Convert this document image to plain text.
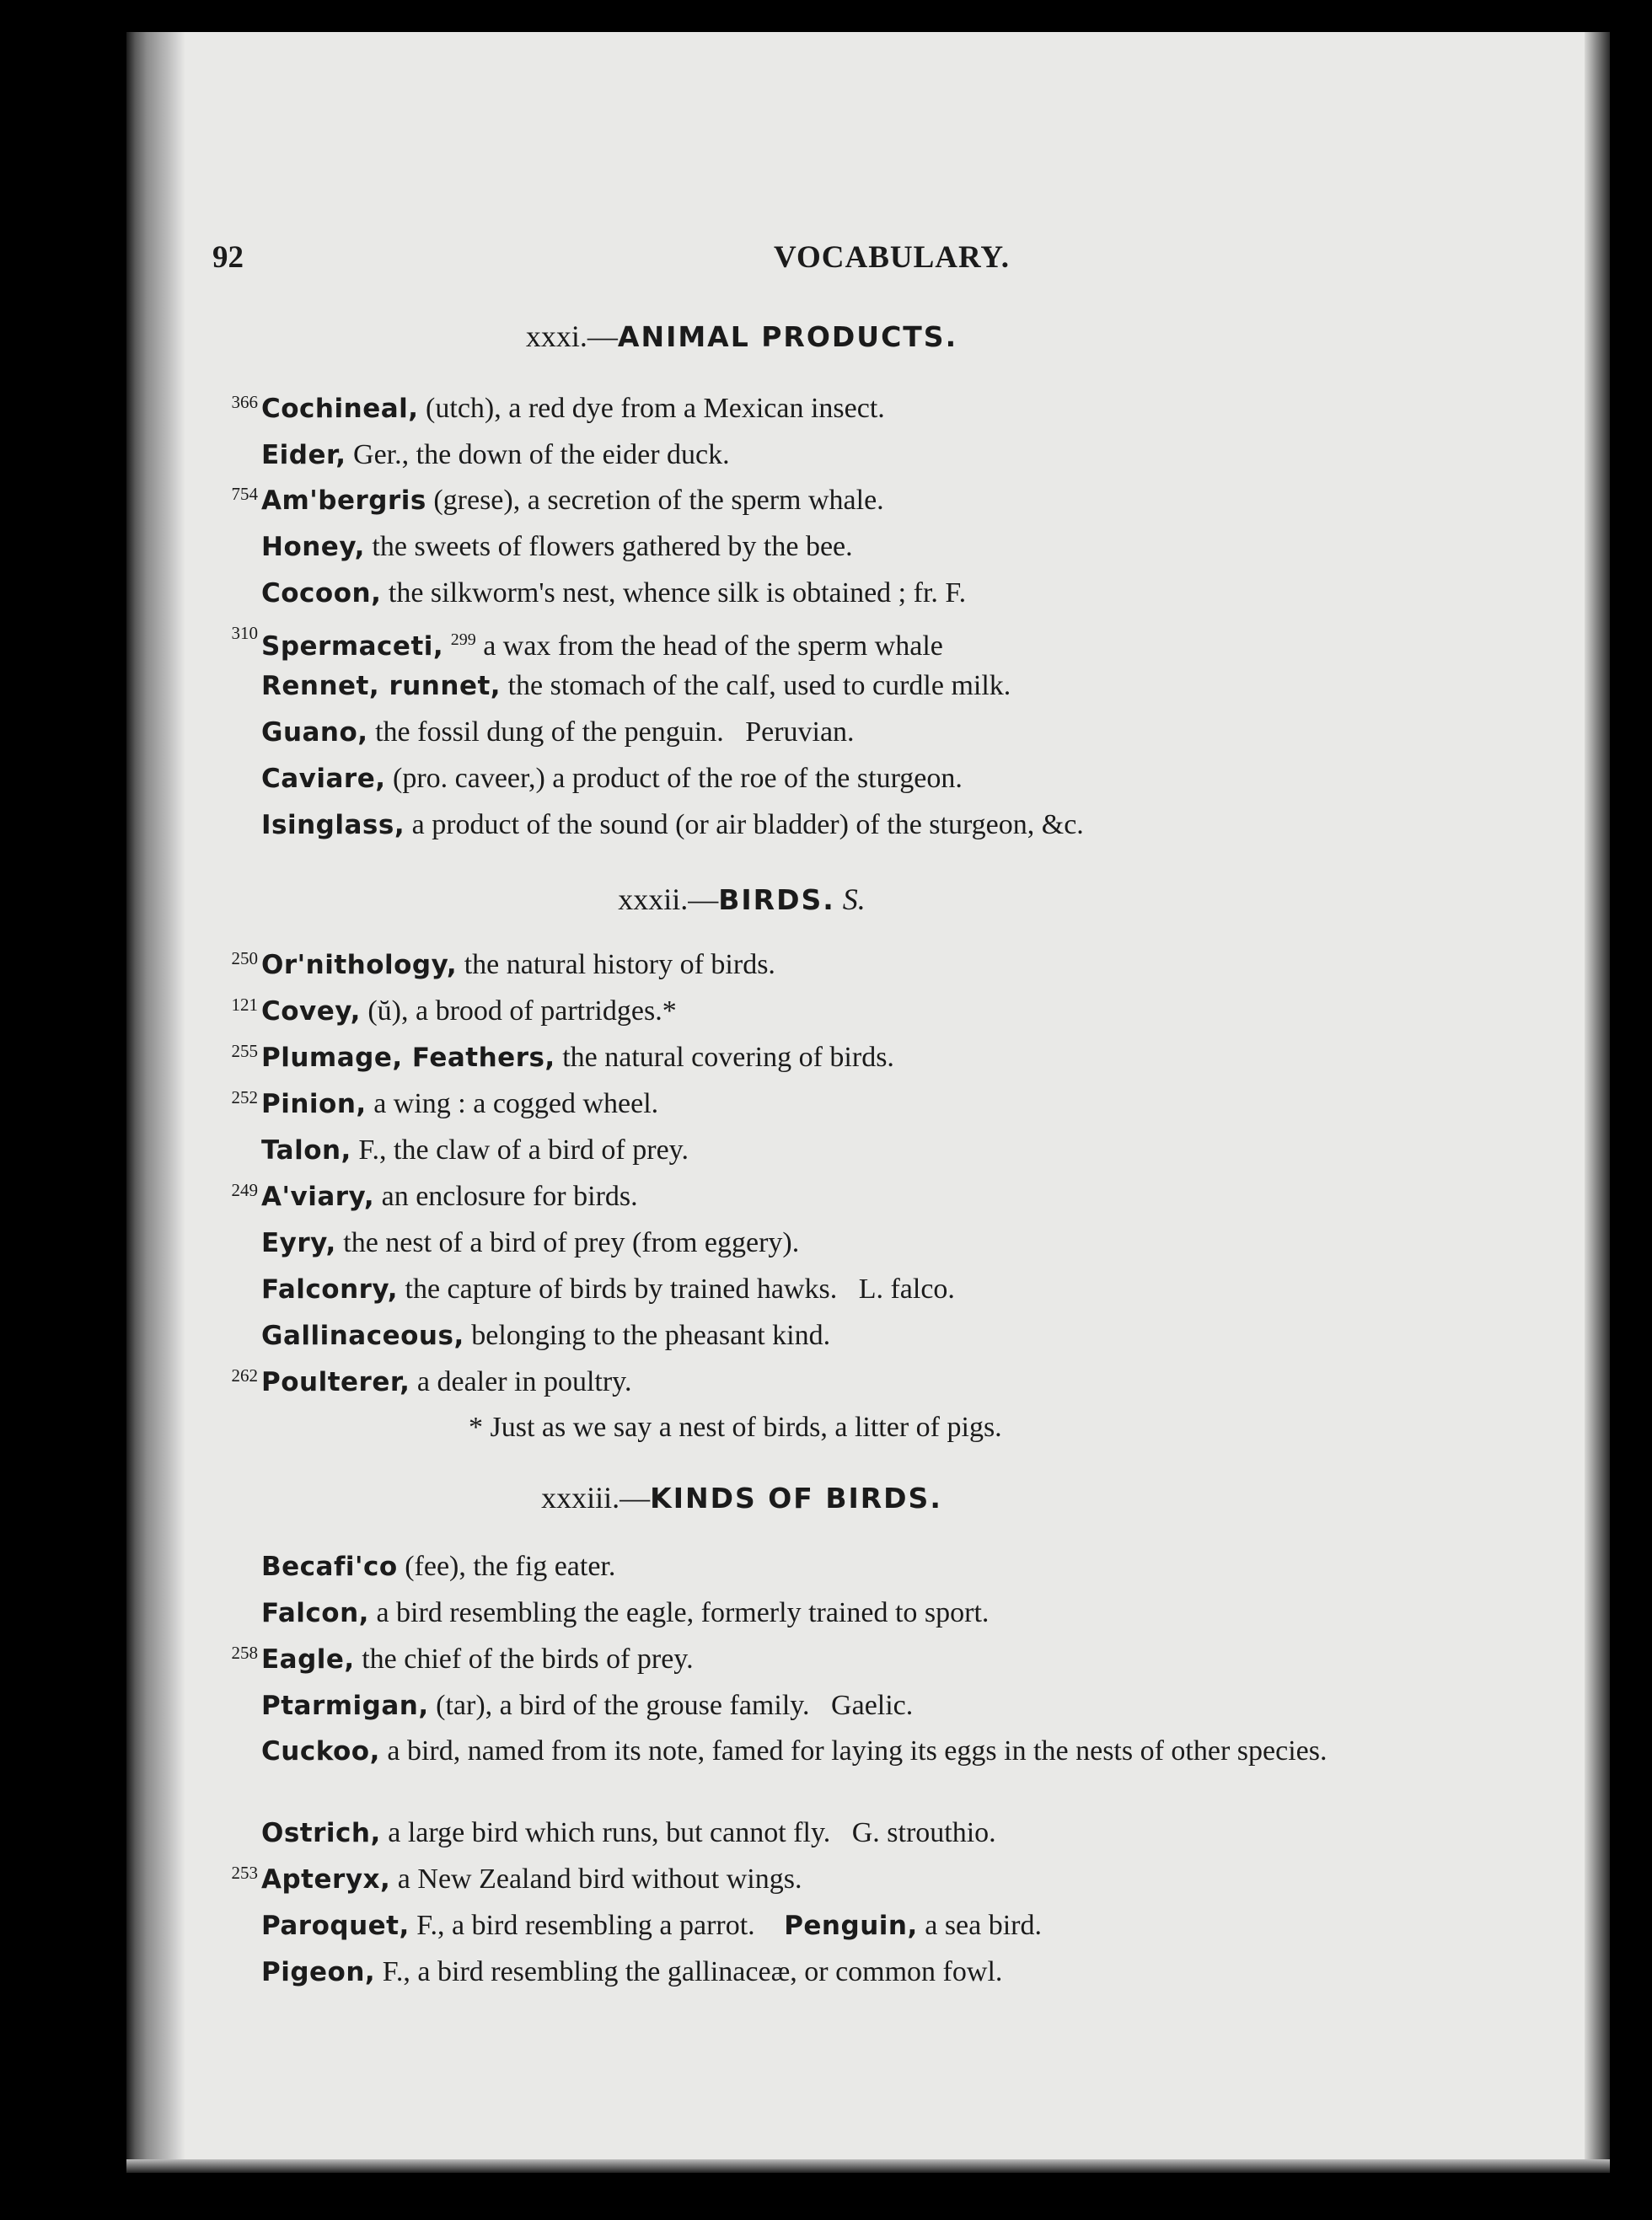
92	VOCABULARY.
xxxi.—ANIMAL PRODUCTS.
366 Cochineal, (utch), a red dye from a Mexican insect.
Eider, Ger., the down of the eider duck.
754 Am'bergris (grese), a secretion of the sperm whale.
Honey, the sweets of flowers gathered by the bee.
Cocoon, the silkworm's nest, whence silk is obtained ; fr. F.
310 Spermaceti, $^{299}$ a wax from the head of the sperm whale
Rennet, runnet, the stomach of the calf, used to curdle milk.
Guano, the fossil dung of the penguin.   Peruvian.
Caviare, (pro. caveer,) a product of the roe of the sturgeon.
Isinglass, a product of the sound (or air bladder) of the sturgeon, &c.
xxxii.—BIRDS. S.
250 Or'nithology, the natural history of birds.
121 Covey, (ŭ), a brood of partridges.*
255 Plumage, Feathers, the natural covering of birds.
252 Pinion, a wing : a cogged wheel.
Talon, F., the claw of a bird of prey.
249 A'viary, an enclosure for birds.
Eyry, the nest of a bird of prey (from eggery).
Falconry, the capture of birds by trained hawks.   L. falco.
Gallinaceous, belonging to the pheasant kind.
262 Poulterer, a dealer in poultry.
* Just as we say a nest of birds, a litter of pigs.
xxxiii.—KINDS OF BIRDS.
Becafi'co (fee), the fig eater.
Falcon, a bird resembling the eagle, formerly trained to sport.
258 Eagle, the chief of the birds of prey.
Ptarmigan, (tar), a bird of the grouse family.   Gaelic.
Cuckoo, a bird, named from its note, famed for laying its eggs in the nests of other species.
Ostrich, a large bird which runs, but cannot fly.   G. strouthio.
253 Apteryx, a New Zealand bird without wings.
Paroquet, F., a bird resembling a parrot. Penguin, a sea bird.
Pigeon, F., a bird resembling the gallinaceæ, or common fowl.
